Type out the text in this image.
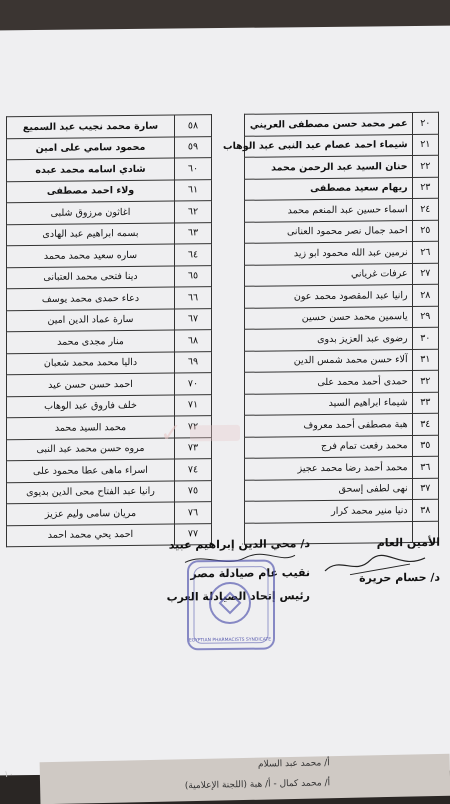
٢٠	عمر محمد حسن مصطفى العريني		٥٨	سارة محمد نجيب عبد السميع
٢١	شيماء احمد عصام عبد النبى عبد الوهاب		٥٩	محمود سامي على امين
٢٢	حنان السيد عبد الرحمن محمد		٦٠	شادي اسامه محمد عبده
٢٣	ريهام سعيد مصطفى		٦١	ولاء احمد مصطفى
٢٤	اسماء حسين عبد المنعم محمد		٦٢	اغاثون مرزوق شلبى
٢٥	احمد جمال نصر محمود العنانى		٦٣	بسمه ابراهيم عبد الهادى
٢٦	نرمين عبد الله محمود ابو زيد		٦٤	ساره سعيد محمد محمد
٢٧	عرفات غرياني		٦٥	دينا فتحى محمد العتبانى
٢٨	رانيا عبد المقصود محمد عون		٦٦	دعاء حمدى محمد يوسف
٢٩	ياسمين محمد حسن حسين		٦٧	سارة عماد الدين امين
٣٠	رضوى عبد العزيز بدوى		٦٨	منار مجدى محمد
٣١	آلاء حسن محمد شمس الدين		٦٩	داليا محمد محمد شعبان
٣٢	حمدى أحمد محمد على		٧٠	احمد حسن حسن عيد
٣٣	شيماء ابراهيم السيد		٧١	خلف فاروق عبد الوهاب
٣٤	هبة مصطفى أحمد معروف		٧٢	محمد السيد محمد
٣٥	محمد رفعت تمام فرج		٧٣	مروه حسن محمد عبد النبى
٣٦	محمد أحمد رضا محمد عجيز		٧٤	اسراء ماهى عطا محمود على
٣٧	نهى لطفى إسحق		٧٥	رانيا عبد الفتاح محى الدين بديوى
٣٨	دنيا منير محمد كرار		٧٦	مريان سامى وليم عزيز
			٧٧	احمد يحي محمد احمد
✓
الأمين العام
د/ حسام حريرة
د/ محي الدين إبراهيم عبيد
نقيب عام صيادلة مصر
رئيس إتحاد الصيادلة العرب
EGYPTIAN PHARMACISTS SYNDICATE
أ/ محمد عبد السلام
أ/ محمد كمال - أ/ هبة (اللجنة الإعلامية)
١٠
